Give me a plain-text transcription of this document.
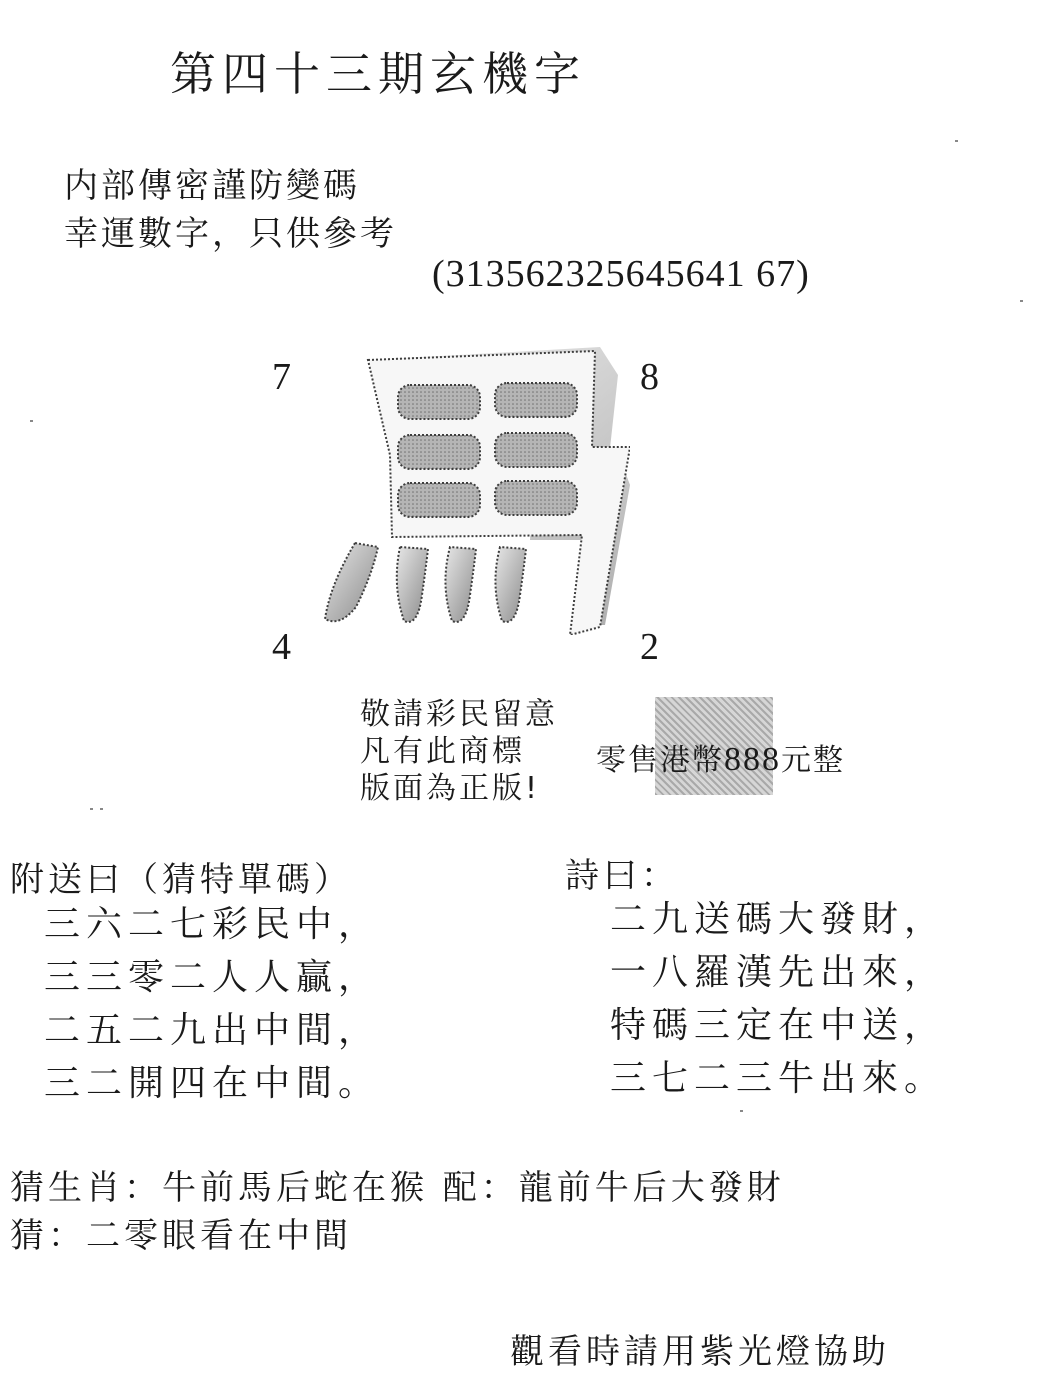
第四十三期玄機字
内部傳密謹防變碼
幸運數字，只供參考
(313562325645641 67)
7	8
4	2
敬請彩民留意
凡有此商標
版面為正版!
零售港幣888元整
附送曰（猜特單碼）
三六二七彩民中，
三三零二人人贏，
二五二九出中間，
三二開四在中間。
詩曰：
二九送碼大發財，
一八羅漢先出來，
特碼三定在中送，
三七二三牛出來。
猜生肖：牛前馬后蛇在猴 配：龍前牛后大發財
猜：二零眼看在中間
觀看時請用紫光燈協助
